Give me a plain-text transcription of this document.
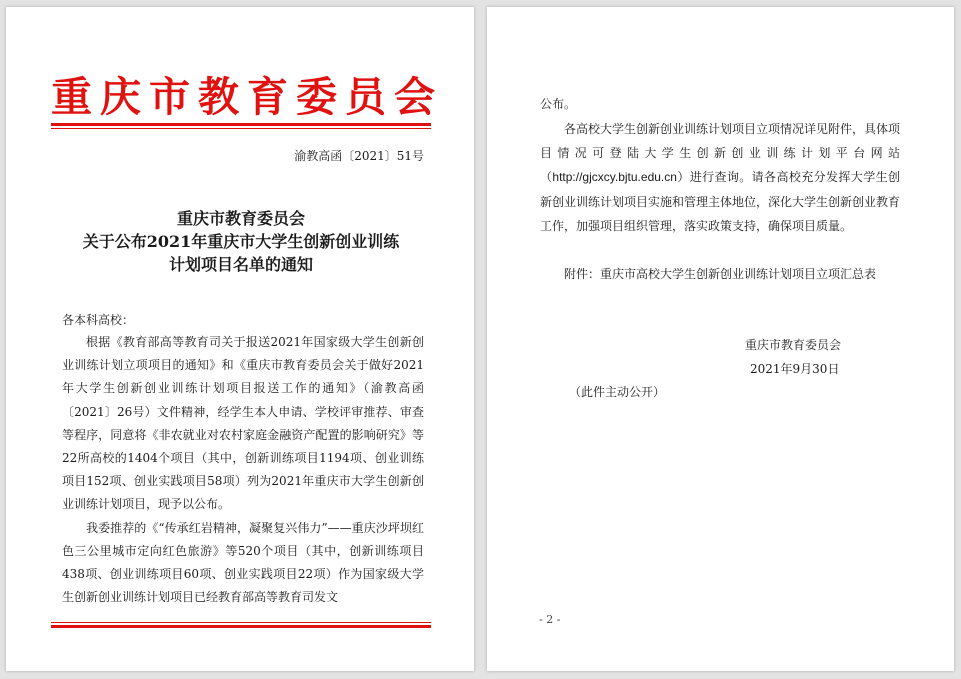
重庆市教育委员会
渝教高函〔2021〕51号
重庆市教育委员会
关于公布2021年重庆市大学生创新创业训练
计划项目名单的通知
各本科高校：

根据《教育部高等教育司关于报送2021年国家级大学生创新创业训练计划立项项目的通知》和《重庆市教育委员会关于做好2021年大学生创新创业训练计划项目报送工作的通知》（渝教高函〔2021〕26号）文件精神，经学生本人申请、学校评审推荐、审查等程序，同意将《非农就业对农村家庭金融资产配置的影响研究》等22所高校的1404个项目（其中，创新训练项目1194项、创业训练项目152项、创业实践项目58项）列为2021年重庆市大学生创新创业训练计划项目，现予以公布。

我委推荐的《“传承红岩精神，凝聚复兴伟力”——重庆沙坪坝红色三公里城市定向红色旅游》等520个项目（其中，创新训练项目438项、创业训练项目60项、创业实践项目22项）作为国家级大学生创新创业训练计划项目已经教育部高等教育司发文

公布。

各高校大学生创新创业训练计划项目立项情况详见附件，具体项目情况可登陆大学生创新创业训练计划平台网站（http://gjcxcy.bjtu.edu.cn）进行查询。请各高校充分发挥大学生创新创业训练计划项目实施和管理主体地位，深化大学生创新创业教育工作，加强项目组织管理，落实政策支持，确保项目质量。

附件：重庆市高校大学生创新创业训练计划项目立项汇总表
重庆市教育委员会
2021年9月30日
（此件主动公开）
- 2 -
